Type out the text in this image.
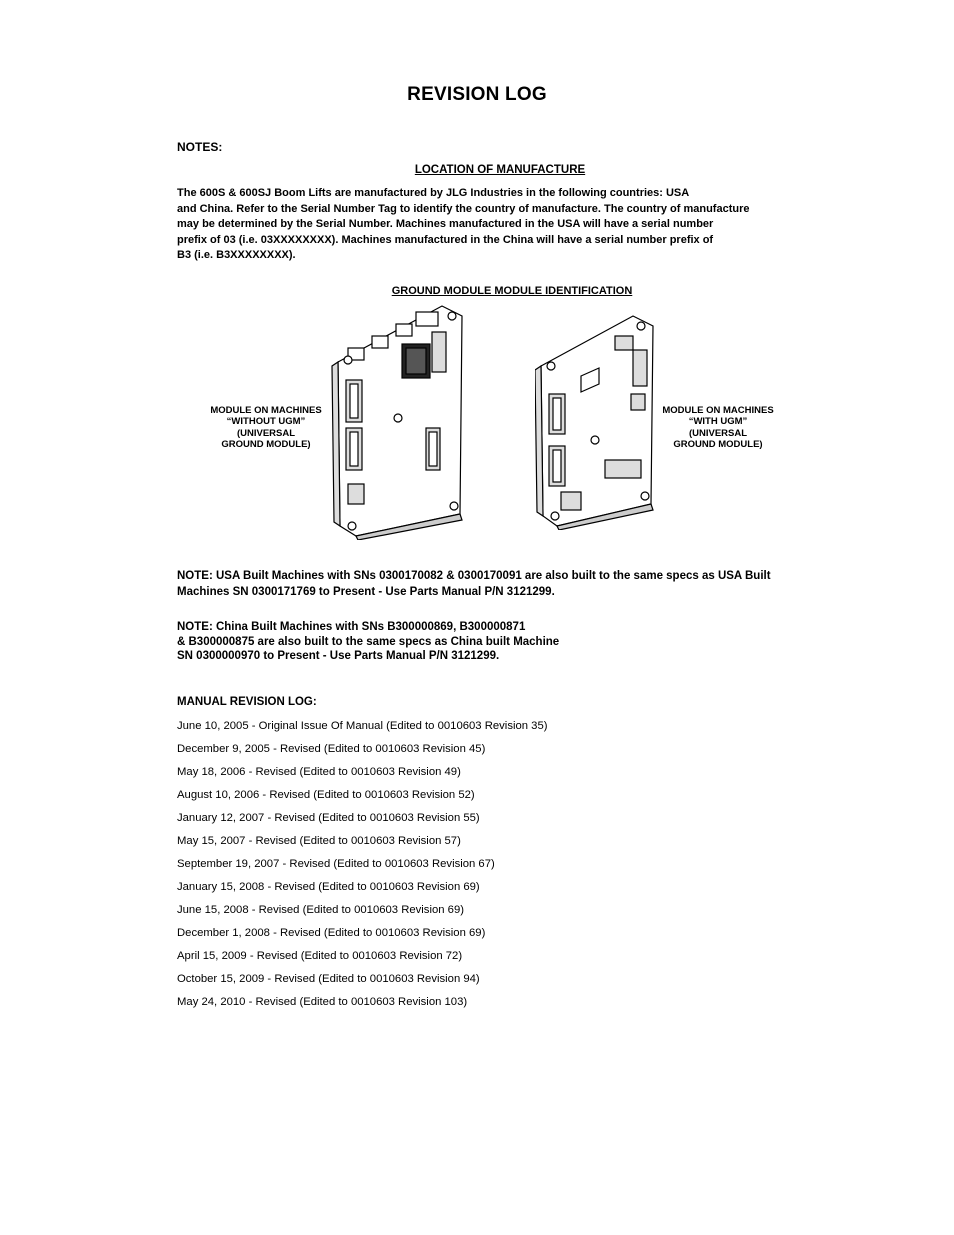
REVISION LOG
NOTES:
LOCATION OF MANUFACTURE
The 600S & 600SJ Boom Lifts are manufactured by JLG Industries in the following countries: USA
and China. Refer to the Serial Number Tag to identify the country of manufacture. The country of manufacture
may be determined by the Serial Number. Machines manufactured in the USA will have a serial number
prefix of 03 (i.e. 03XXXXXXXX). Machines manufactured in the China will have a serial number prefix of
B3 (i.e. B3XXXXXXXX).
GROUND MODULE MODULE IDENTIFICATION
MODULE ON MACHINES
“WITHOUT UGM”
(UNIVERSAL
GROUND MODULE)
MODULE ON MACHINES
“WITH UGM”
(UNIVERSAL
GROUND MODULE)
NOTE: USA Built Machines with SNs 0300170082 & 0300170091 are also built to the same specs as USA Built
Machines SN 0300171769 to Present - Use Parts Manual P/N 3121299.
NOTE: China Built Machines with SNs B300000869, B300000871
& B300000875 are also built to the same specs as China built Machine
SN 0300000970 to Present - Use Parts Manual P/N 3121299.
MANUAL REVISION LOG:
June 10, 2005 - Original Issue Of Manual (Edited to 0010603 Revision 35)
December 9, 2005 - Revised (Edited to 0010603 Revision 45)
May 18, 2006 - Revised (Edited to 0010603 Revision 49)
August 10, 2006 - Revised (Edited to 0010603 Revision 52)
January 12, 2007 - Revised (Edited to 0010603 Revision 55)
May 15, 2007 - Revised (Edited to 0010603 Revision 57)
September 19, 2007 - Revised (Edited to 0010603 Revision 67)
January 15, 2008 - Revised (Edited to 0010603 Revision 69)
June 15, 2008 - Revised (Edited to 0010603 Revision 69)
December 1, 2008 - Revised (Edited to 0010603 Revision 69)
April 15, 2009 - Revised (Edited to 0010603 Revision 72)
October 15, 2009 - Revised (Edited to 0010603 Revision 94)
May 24, 2010 - Revised (Edited to 0010603 Revision 103)
